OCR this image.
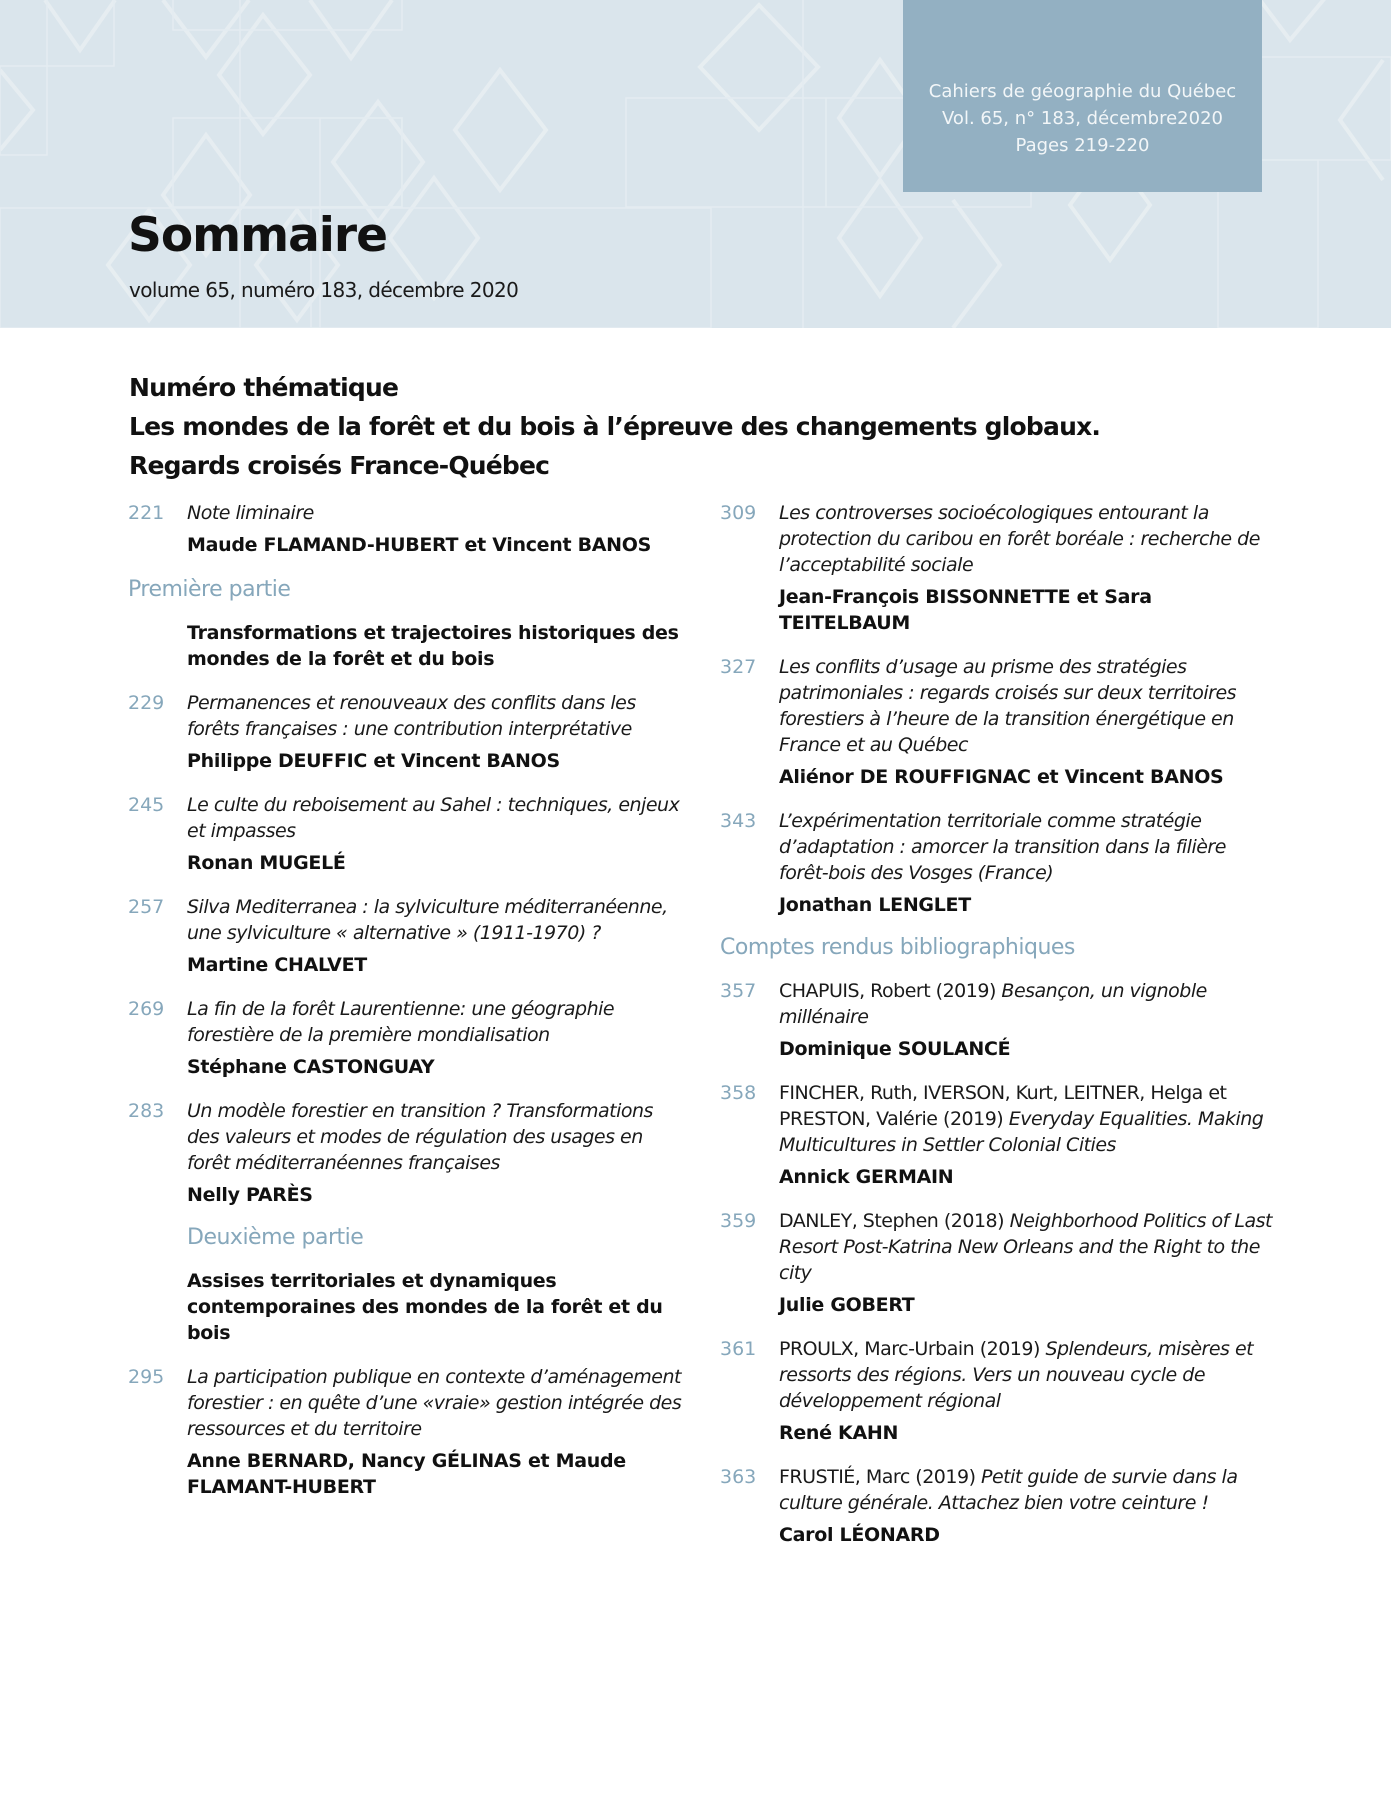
Cahiers de géographie du Québec
Vol. 65, n° 183, décembre2020
Pages 219-220
Sommaire
volume 65, numéro 183, décembre 2020
Numéro thématique
Les mondes de la forêt et du bois à l’épreuve des changements globaux.
Regards croisés France-Québec
221 Note liminaire
Maude FLAMAND-HUBERT et Vincent BANOS
Première partie
Transformations et trajectoires historiques des mondes de la forêt et du bois
229 Permanences et renouveaux des conflits dans les forêts françaises : une contribution interprétative
Philippe DEUFFIC et Vincent BANOS
245 Le culte du reboisement au Sahel : techniques, enjeux et impasses
Ronan MUGELÉ
257 Silva Mediterranea : la sylviculture méditerranéenne, une sylviculture « alternative » (1911-1970) ?
Martine CHALVET
269 La fin de la forêt Laurentienne: une géographie forestière de la première mondialisation
Stéphane CASTONGUAY
283 Un modèle forestier en transition ? Transformations des valeurs et modes de régulation des usages en forêt méditerranéennes françaises
Nelly PARÈS
Deuxième partie
Assises territoriales et dynamiques contemporaines des mondes de la forêt et du bois
295 La participation publique en contexte d’aménagement forestier : en quête d’une «vraie» gestion intégrée des ressources et du territoire
Anne BERNARD, Nancy GÉLINAS et Maude FLAMANT-HUBERT
309 Les controverses socioécologiques entourant la protection du caribou en forêt boréale : recherche de l’acceptabilité sociale
Jean-François BISSONNETTE et Sara TEITELBAUM
327 Les conflits d’usage au prisme des stratégies patrimoniales : regards croisés sur deux territoires forestiers à l’heure de la transition énergétique en France et au Québec
Aliénor DE ROUFFIGNAC et Vincent BANOS
343 L’expérimentation territoriale comme stratégie d’adaptation : amorcer la transition dans la filière forêt-bois des Vosges (France)
Jonathan LENGLET
Comptes rendus bibliographiques
357 CHAPUIS, Robert (2019) Besançon, un vignoble millénaire
Dominique SOULANCÉ
358 FINCHER, Ruth, IVERSON, Kurt, LEITNER, Helga et PRESTON, Valérie (2019) Everyday Equalities. Making Multicultures in Settler Colonial Cities
Annick GERMAIN
359 DANLEY, Stephen (2018) Neighborhood Politics of Last Resort Post-Katrina New Orleans and the Right to the city
Julie GOBERT
361 PROULX, Marc-Urbain (2019) Splendeurs, misères et ressorts des régions. Vers un nouveau cycle de développement régional
René KAHN
363 FRUSTIÉ, Marc (2019) Petit guide de survie dans la culture générale. Attachez bien votre ceinture !
Carol LÉONARD
